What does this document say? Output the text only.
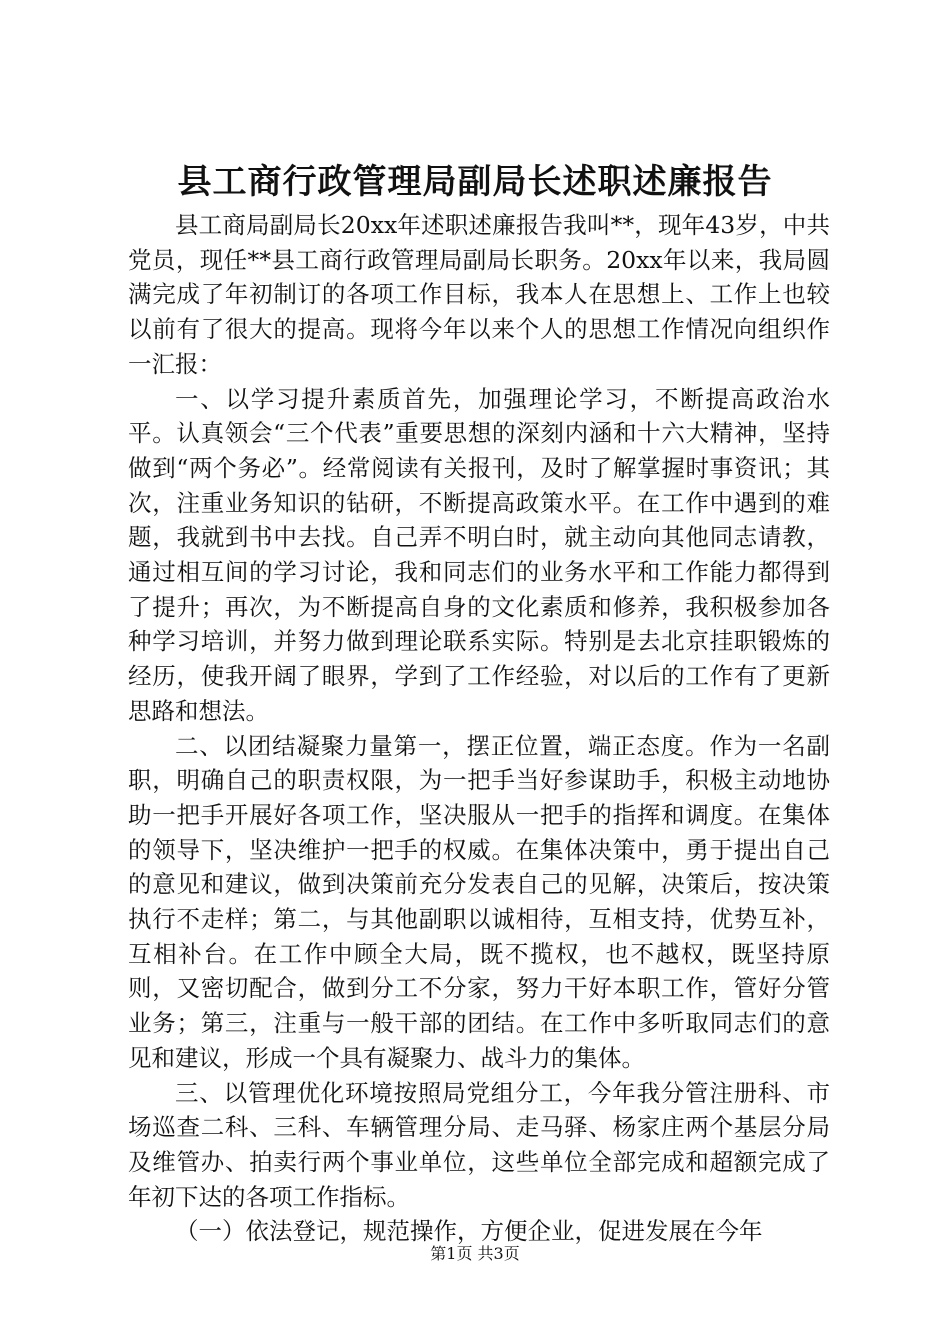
县工商行政管理局副局长述职述廉报告

县工商局副局长20xx年述职述廉报告我叫**，现年43岁，中共党员，现任**县工商行政管理局副局长职务。20xx年以来，我局圆满完成了年初制订的各项工作目标，我本人在思想上、工作上也较以前有了很大的提高。现将今年以来个人的思想工作情况向组织作一汇报：

一、以学习提升素质首先，加强理论学习，不断提高政治水平。认真领会“三个代表”重要思想的深刻内涵和十六大精神，坚持做到“两个务必”。经常阅读有关报刊，及时了解掌握时事资讯；其次，注重业务知识的钻研，不断提高政策水平。在工作中遇到的难题，我就到书中去找。自己弄不明白时，就主动向其他同志请教，通过相互间的学习讨论，我和同志们的业务水平和工作能力都得到了提升；再次，为不断提高自身的文化素质和修养，我积极参加各种学习培训，并努力做到理论联系实际。特别是去北京挂职锻炼的经历，使我开阔了眼界，学到了工作经验，对以后的工作有了更新思路和想法。

二、以团结凝聚力量第一，摆正位置，端正态度。作为一名副职，明确自己的职责权限，为一把手当好参谋助手，积极主动地协助一把手开展好各项工作，坚决服从一把手的指挥和调度。在集体的领导下，坚决维护一把手的权威。在集体决策中，勇于提出自己的意见和建议，做到决策前充分发表自己的见解，决策后，按决策执行不走样；第二，与其他副职以诚相待，互相支持，优势互补，互相补台。在工作中顾全大局，既不揽权，也不越权，既坚持原则，又密切配合，做到分工不分家，努力干好本职工作，管好分管业务；第三，注重与一般干部的团结。在工作中多听取同志们的意见和建议，形成一个具有凝聚力、战斗力的集体。

三、以管理优化环境按照局党组分工，今年我分管注册科、市场巡查二科、三科、车辆管理分局、走马驿、杨家庄两个基层分局及维管办、拍卖行两个事业单位，这些单位全部完成和超额完成了年初下达的各项工作指标。

（一）依法登记，规范操作，方便企业，促进发展在今年

第1页 共3页
